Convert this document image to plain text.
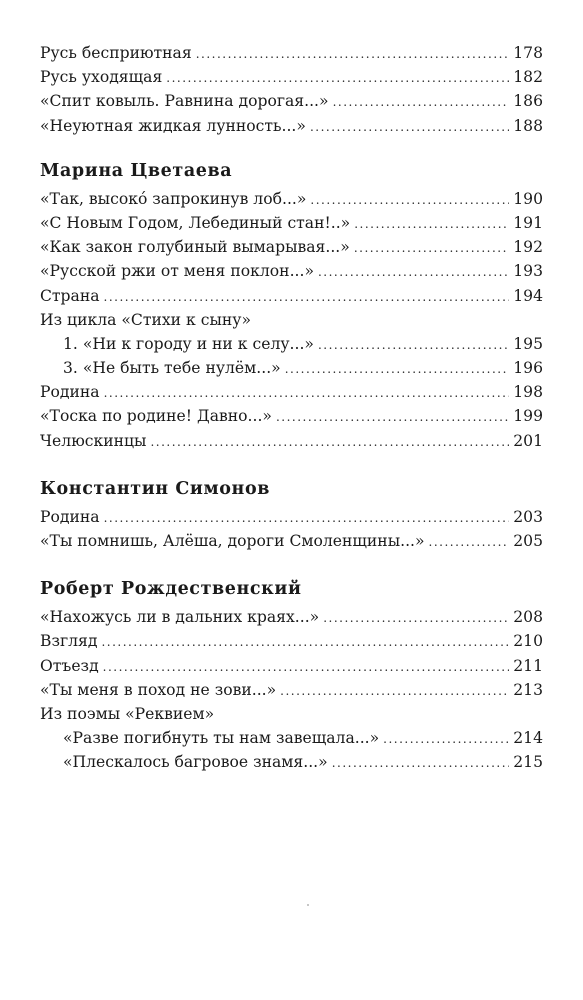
Русь бесприютная .....	178
Русь уходящая .....	182
«Спит ковыль. Равнина дорогая...» .....	186
«Неуютная жидкая лунность...» .....	188
Марина Цветаева
«Так, высокó запрокинув лоб...» .....	190
«С Новым Годом, Лебединый стан!..» .....	191
«Как закон голубиный вымарывая...» .....	192
«Русской ржи от меня поклон...» .....	193
Страна .....	194
Из цикла «Стихи к сыну»
1. «Ни к городу и ни к селу...» .....	195
3. «Не быть тебе нулём...» .....	196
Родина .....	198
«Тоска по родине! Давно...» .....	199
Челюскинцы .....	201
Константин Симонов
Родина .....	203
«Ты помнишь, Алёша, дороги Смоленщины...» .....	205
Роберт Рождественский
«Нахожусь ли в дальних краях...» .....	208
Взгляд .....	210
Отъезд .....	211
«Ты меня в поход не зови...» .....	213
Из поэмы «Реквием»
«Разве погибнуть ты нам завещала...» .....	214
«Плескалось багровое знамя...» .....	215
